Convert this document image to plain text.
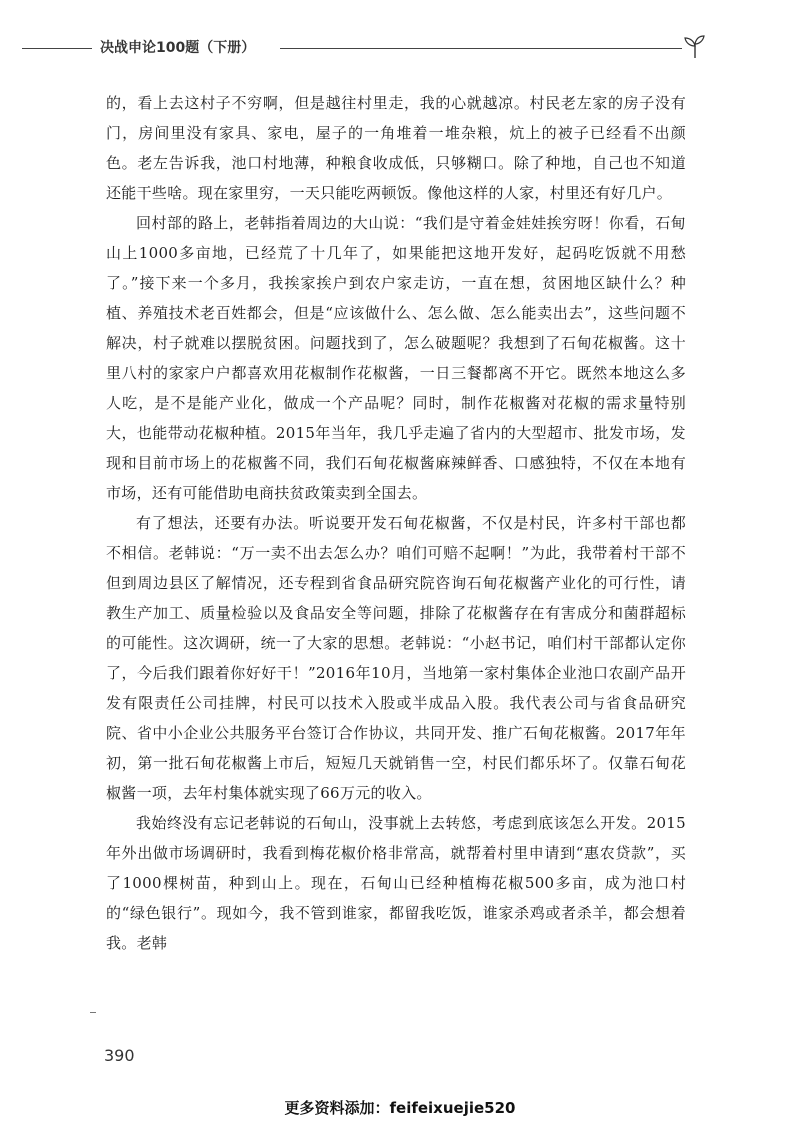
决战申论100题（下册）

的，看上去这村子不穷啊，但是越往村里走，我的心就越凉。村民老左家的房子没有门，房间里没有家具、家电，屋子的一角堆着一堆杂粮，炕上的被子已经看不出颜色。老左告诉我，池口村地薄，种粮食收成低，只够糊口。除了种地，自己也不知道还能干些啥。现在家里穷，一天只能吃两顿饭。像他这样的人家，村里还有好几户。

回村部的路上，老韩指着周边的大山说：“我们是守着金娃娃挨穷呀！你看，石甸山上1000多亩地，已经荒了十几年了，如果能把这地开发好，起码吃饭就不用愁了。”接下来一个多月，我挨家挨户到农户家走访，一直在想，贫困地区缺什么？种植、养殖技术老百姓都会，但是“应该做什么、怎么做、怎么能卖出去”，这些问题不解决，村子就难以摆脱贫困。问题找到了，怎么破题呢？我想到了石甸花椒酱。这十里八村的家家户户都喜欢用花椒制作花椒酱，一日三餐都离不开它。既然本地这么多人吃，是不是能产业化，做成一个产品呢？同时，制作花椒酱对花椒的需求量特别大，也能带动花椒种植。2015年当年，我几乎走遍了省内的大型超市、批发市场，发现和目前市场上的花椒酱不同，我们石甸花椒酱麻辣鲜香、口感独特，不仅在本地有市场，还有可能借助电商扶贫政策卖到全国去。

有了想法，还要有办法。听说要开发石甸花椒酱，不仅是村民，许多村干部也都不相信。老韩说：“万一卖不出去怎么办？咱们可赔不起啊！”为此，我带着村干部不但到周边县区了解情况，还专程到省食品研究院咨询石甸花椒酱产业化的可行性，请教生产加工、质量检验以及食品安全等问题，排除了花椒酱存在有害成分和菌群超标的可能性。这次调研，统一了大家的思想。老韩说：“小赵书记，咱们村干部都认定你了，今后我们跟着你好好干！”2016年10月，当地第一家村集体企业池口农副产品开发有限责任公司挂牌，村民可以技术入股或半成品入股。我代表公司与省食品研究院、省中小企业公共服务平台签订合作协议，共同开发、推广石甸花椒酱。2017年年初，第一批石甸花椒酱上市后，短短几天就销售一空，村民们都乐坏了。仅靠石甸花椒酱一项，去年村集体就实现了66万元的收入。

我始终没有忘记老韩说的石甸山，没事就上去转悠，考虑到底该怎么开发。2015年外出做市场调研时，我看到梅花椒价格非常高，就帮着村里申请到“惠农贷款”，买了1000棵树苗，种到山上。现在，石甸山已经种植梅花椒500多亩，成为池口村的“绿色银行”。现如今，我不管到谁家，都留我吃饭，谁家杀鸡或者杀羊，都会想着我。老韩

390
更多资料添加：feifeixuejie520
